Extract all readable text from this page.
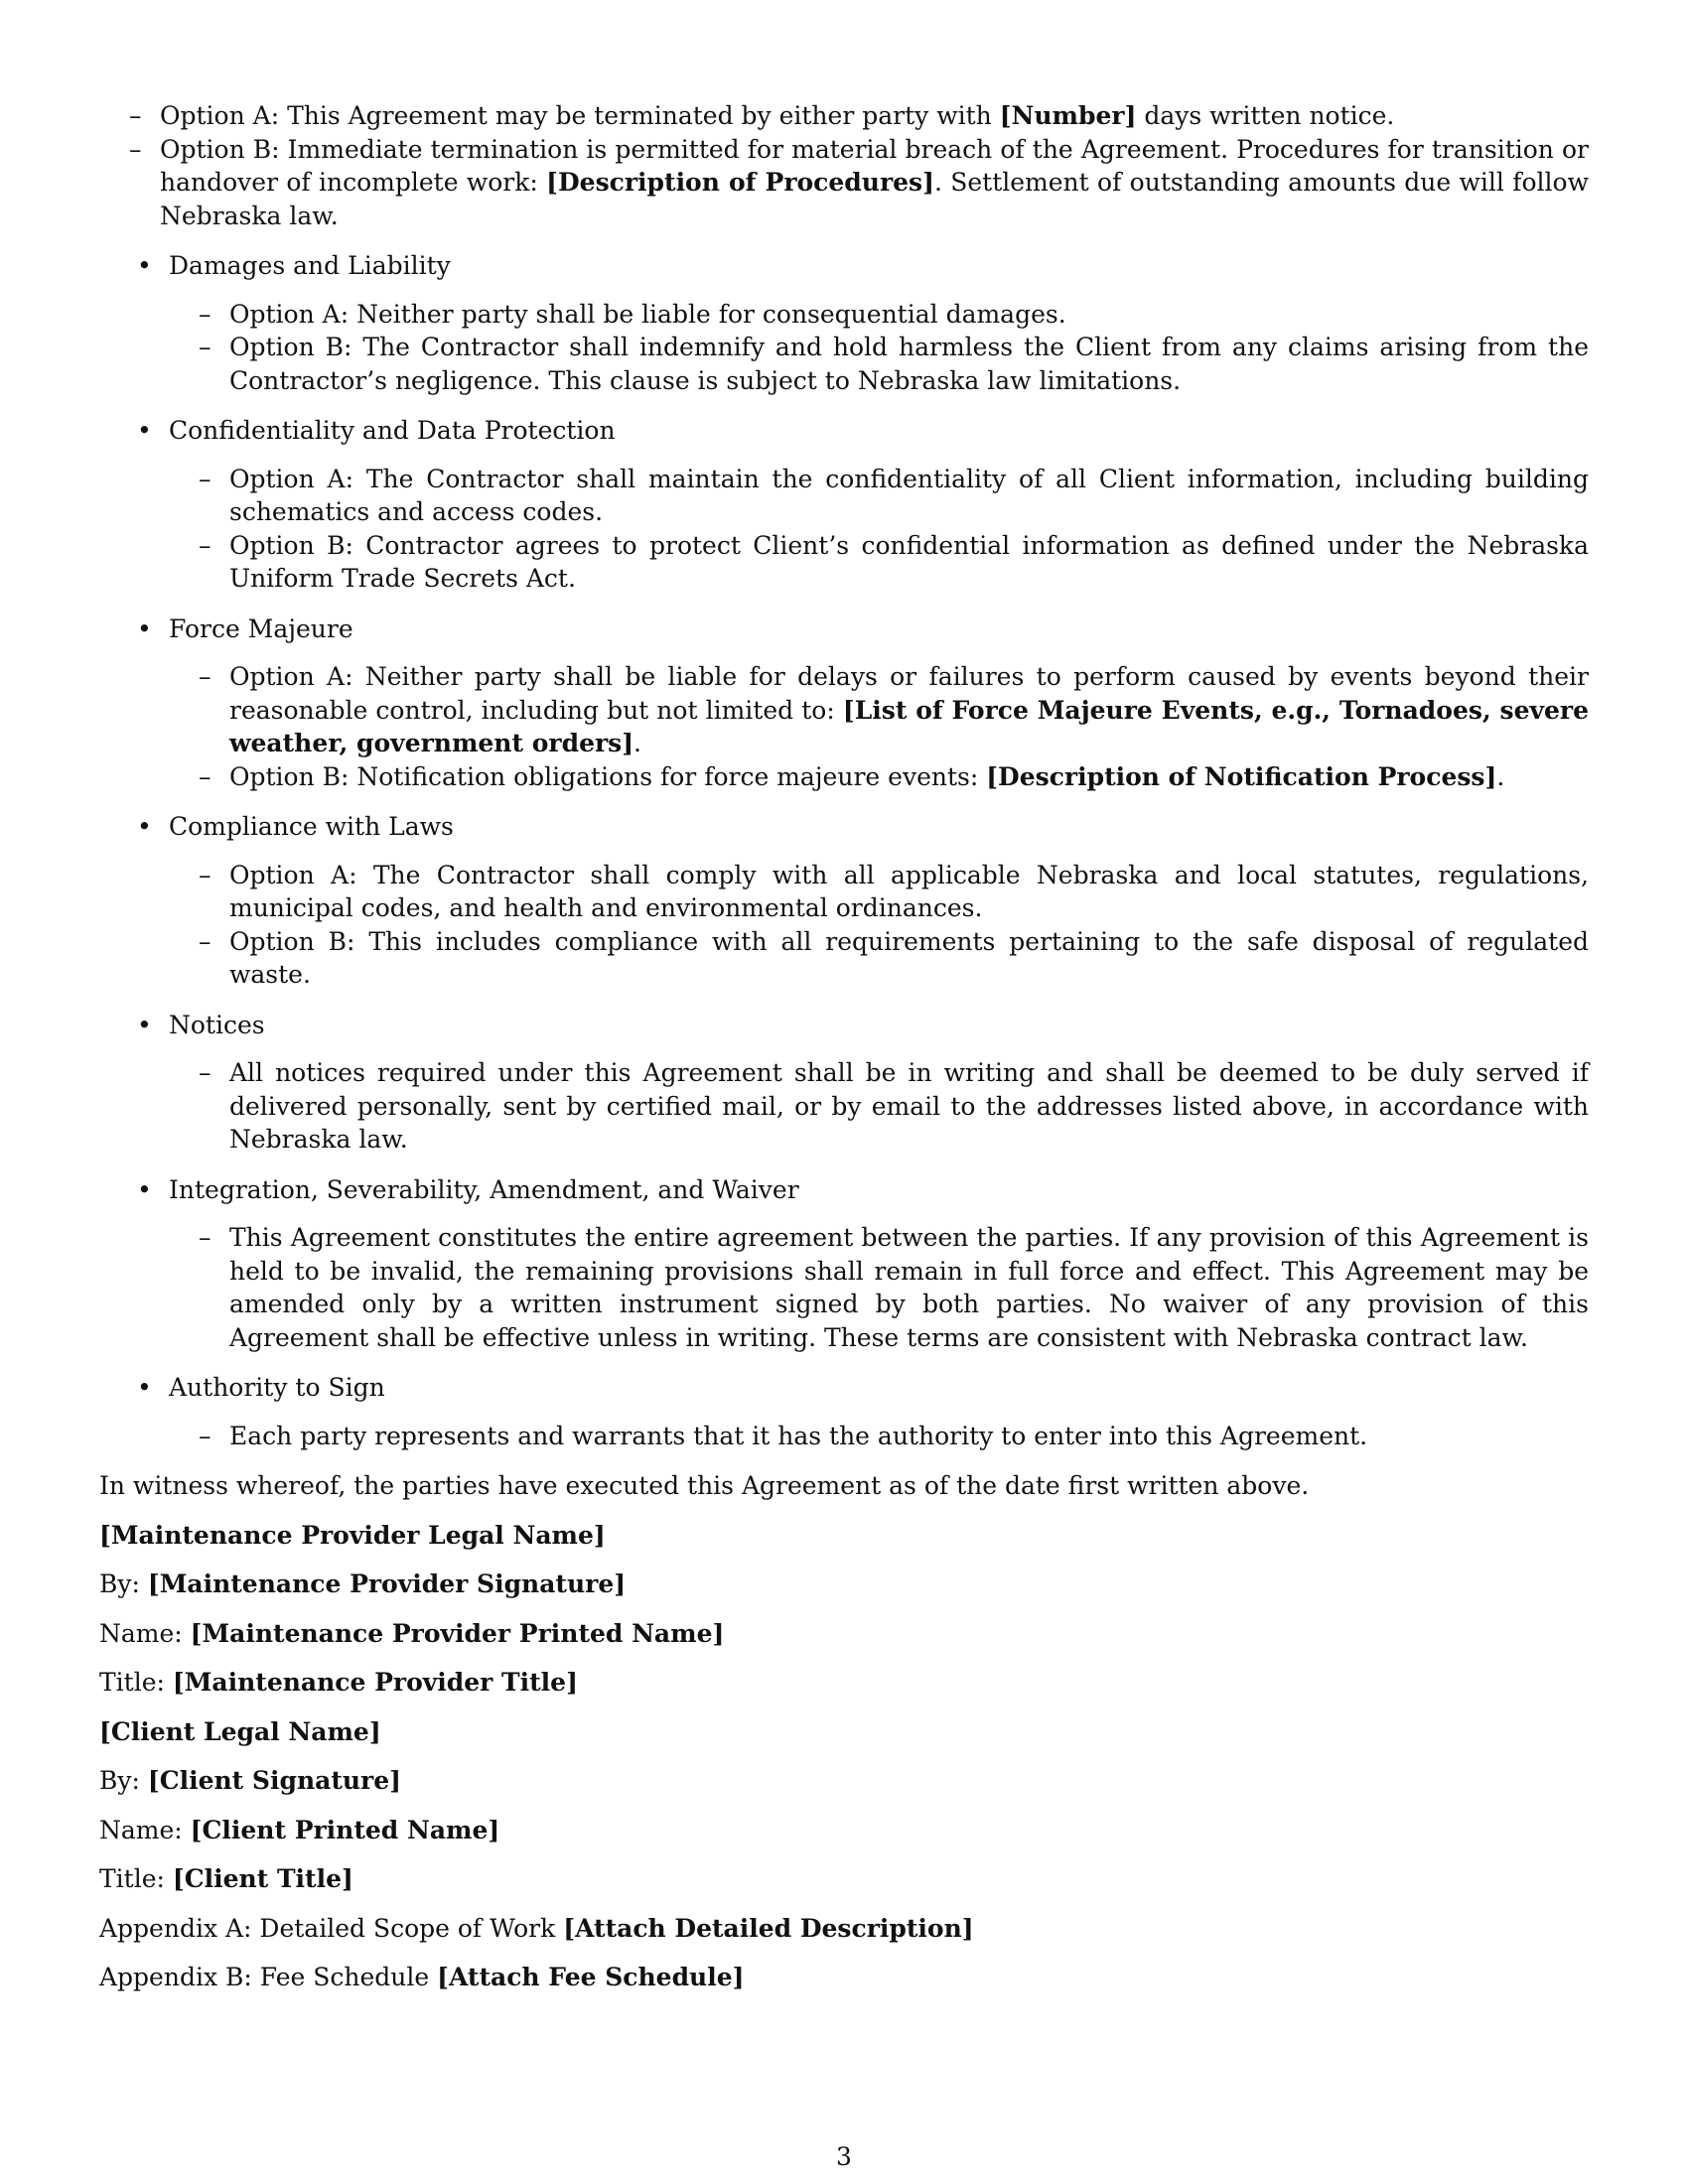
– Option A: This Agreement may be terminated by either party with [Number] days written notice.
– Option B: Immediate termination is permitted for material breach of the Agreement. Procedures for transition or handover of incomplete work: [Description of Procedures]. Settlement of outstanding amounts due will follow Nebraska law.
• Damages and Liability
– Option A: Neither party shall be liable for consequential damages.
– Option B: The Contractor shall indemnify and hold harmless the Client from any claims arising from the Contractor’s negligence. This clause is subject to Nebraska law limitations.
• Confidentiality and Data Protection
– Option A: The Contractor shall maintain the confidentiality of all Client information, including building schematics and access codes.
– Option B: Contractor agrees to protect Client’s confidential information as defined under the Nebraska Uniform Trade Secrets Act.
• Force Majeure
– Option A: Neither party shall be liable for delays or failures to perform caused by events beyond their reasonable control, including but not limited to: [List of Force Majeure Events, e.g., Tornadoes, severe weather, government orders].
– Option B: Notification obligations for force majeure events: [Description of Notification Process].
• Compliance with Laws
– Option A: The Contractor shall comply with all applicable Nebraska and local statutes, regulations, municipal codes, and health and environmental ordinances.
– Option B: This includes compliance with all requirements pertaining to the safe disposal of regulated waste.
• Notices
– All notices required under this Agreement shall be in writing and shall be deemed to be duly served if delivered personally, sent by certified mail, or by email to the addresses listed above, in accordance with Nebraska law.
• Integration, Severability, Amendment, and Waiver
– This Agreement constitutes the entire agreement between the parties. If any provision of this Agreement is held to be invalid, the remaining provisions shall remain in full force and effect. This Agreement may be amended only by a written instrument signed by both parties. No waiver of any provision of this Agreement shall be effective unless in writing. These terms are consistent with Nebraska contract law.
• Authority to Sign
– Each party represents and warrants that it has the authority to enter into this Agreement.
In witness whereof, the parties have executed this Agreement as of the date first written above.
[Maintenance Provider Legal Name]
By: [Maintenance Provider Signature]
Name: [Maintenance Provider Printed Name]
Title: [Maintenance Provider Title]
[Client Legal Name]
By: [Client Signature]
Name: [Client Printed Name]
Title: [Client Title]
Appendix A: Detailed Scope of Work [Attach Detailed Description]
Appendix B: Fee Schedule [Attach Fee Schedule]
3
